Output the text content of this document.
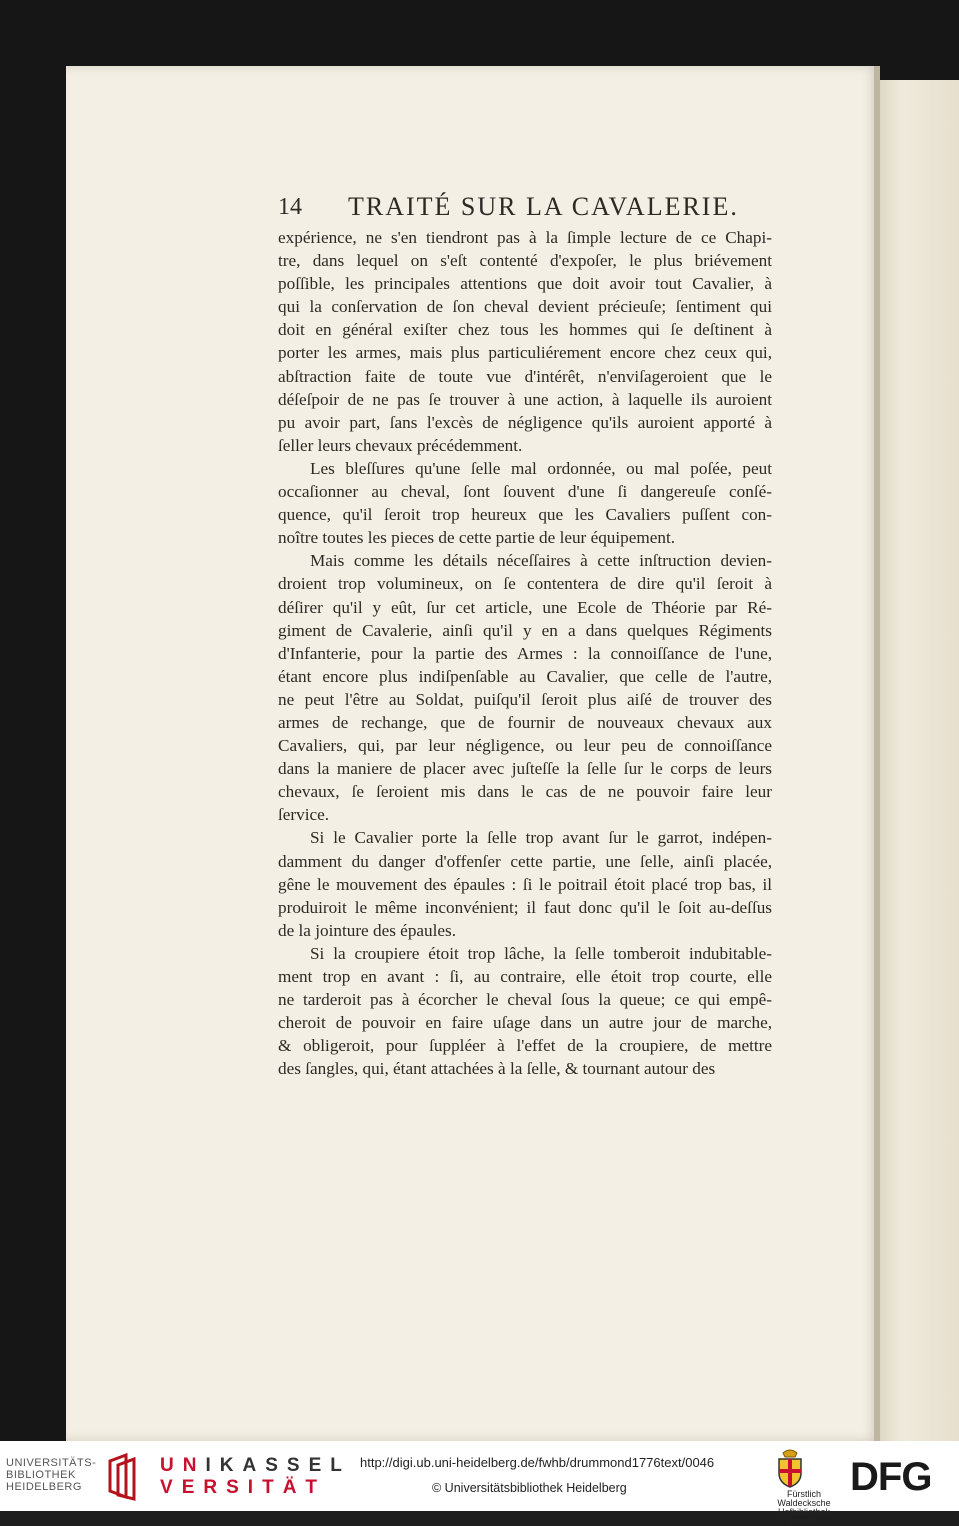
14 TRAITÉ SUR LA CAVALERIE.
expérience, ne s'en tiendront pas à la ſimple lecture de ce Chapi-
tre, dans lequel on s'eſt contenté d'expoſer, le plus briévement
poſſible, les principales attentions que doit avoir tout Cavalier, à
qui la conſervation de ſon cheval devient précieuſe; ſentiment qui
doit en général exiſter chez tous les hommes qui ſe deſtinent à
porter les armes, mais plus particuliérement encore chez ceux qui,
abſtraction faite de toute vue d'intérêt, n'enviſageroient que le
déſeſpoir de ne pas ſe trouver à une action, à laquelle ils auroient
pu avoir part, ſans l'excès de négligence qu'ils auroient apporté à
ſeller leurs chevaux précédemment.
Les bleſſures qu'une ſelle mal ordonnée, ou mal poſée, peut
occaſionner au cheval, ſont ſouvent d'une ſi dangereuſe conſé-
quence, qu'il ſeroit trop heureux que les Cavaliers puſſent con-
noître toutes les pieces de cette partie de leur équipement.
Mais comme les détails néceſſaires à cette inſtruction devien-
droient trop volumineux, on ſe contentera de dire qu'il ſeroit à
déſirer qu'il y eût, ſur cet article, une Ecole de Théorie par Ré-
giment de Cavalerie, ainſi qu'il y en a dans quelques Régiments
d'Infanterie, pour la partie des Armes : la connoiſſance de l'une,
étant encore plus indiſpenſable au Cavalier, que celle de l'autre,
ne peut l'être au Soldat, puiſqu'il ſeroit plus aiſé de trouver des
armes de rechange, que de fournir de nouveaux chevaux aux
Cavaliers, qui, par leur négligence, ou leur peu de connoiſſance
dans la maniere de placer avec juſteſſe la ſelle ſur le corps de leurs
chevaux, ſe ſeroient mis dans le cas de ne pouvoir faire leur
ſervice.
Si le Cavalier porte la ſelle trop avant ſur le garrot, indépen-
damment du danger d'offenſer cette partie, une ſelle, ainſi placée,
gêne le mouvement des épaules : ſi le poitrail étoit placé trop bas, il
produiroit le même inconvénient; il faut donc qu'il le ſoit au-deſſus
de la jointure des épaules.
Si la croupiere étoit trop lâche, la ſelle tomberoit indubitable-
ment trop en avant : ſi, au contraire, elle étoit trop courte, elle
ne tarderoit pas à écorcher le cheval ſous la queue; ce qui empê-
cheroit de pouvoir en faire uſage dans un autre jour de marche,
& obligeroit, pour ſuppléer à l'effet de la croupiere, de mettre
des ſangles, qui, étant attachées à la ſelle, & tournant autour des
UNIVERSITÄTS-
BIBLIOTHEK
HEIDELBERG
UNIKASSEL
VERSITÄT
http://digi.ub.uni-heidelberg.de/fwhb/drummond1776text/0046
© Universitätsbibliothek Heidelberg	Fürstlich Waldecksche
Hofbibliothek Arolsen
DFG
